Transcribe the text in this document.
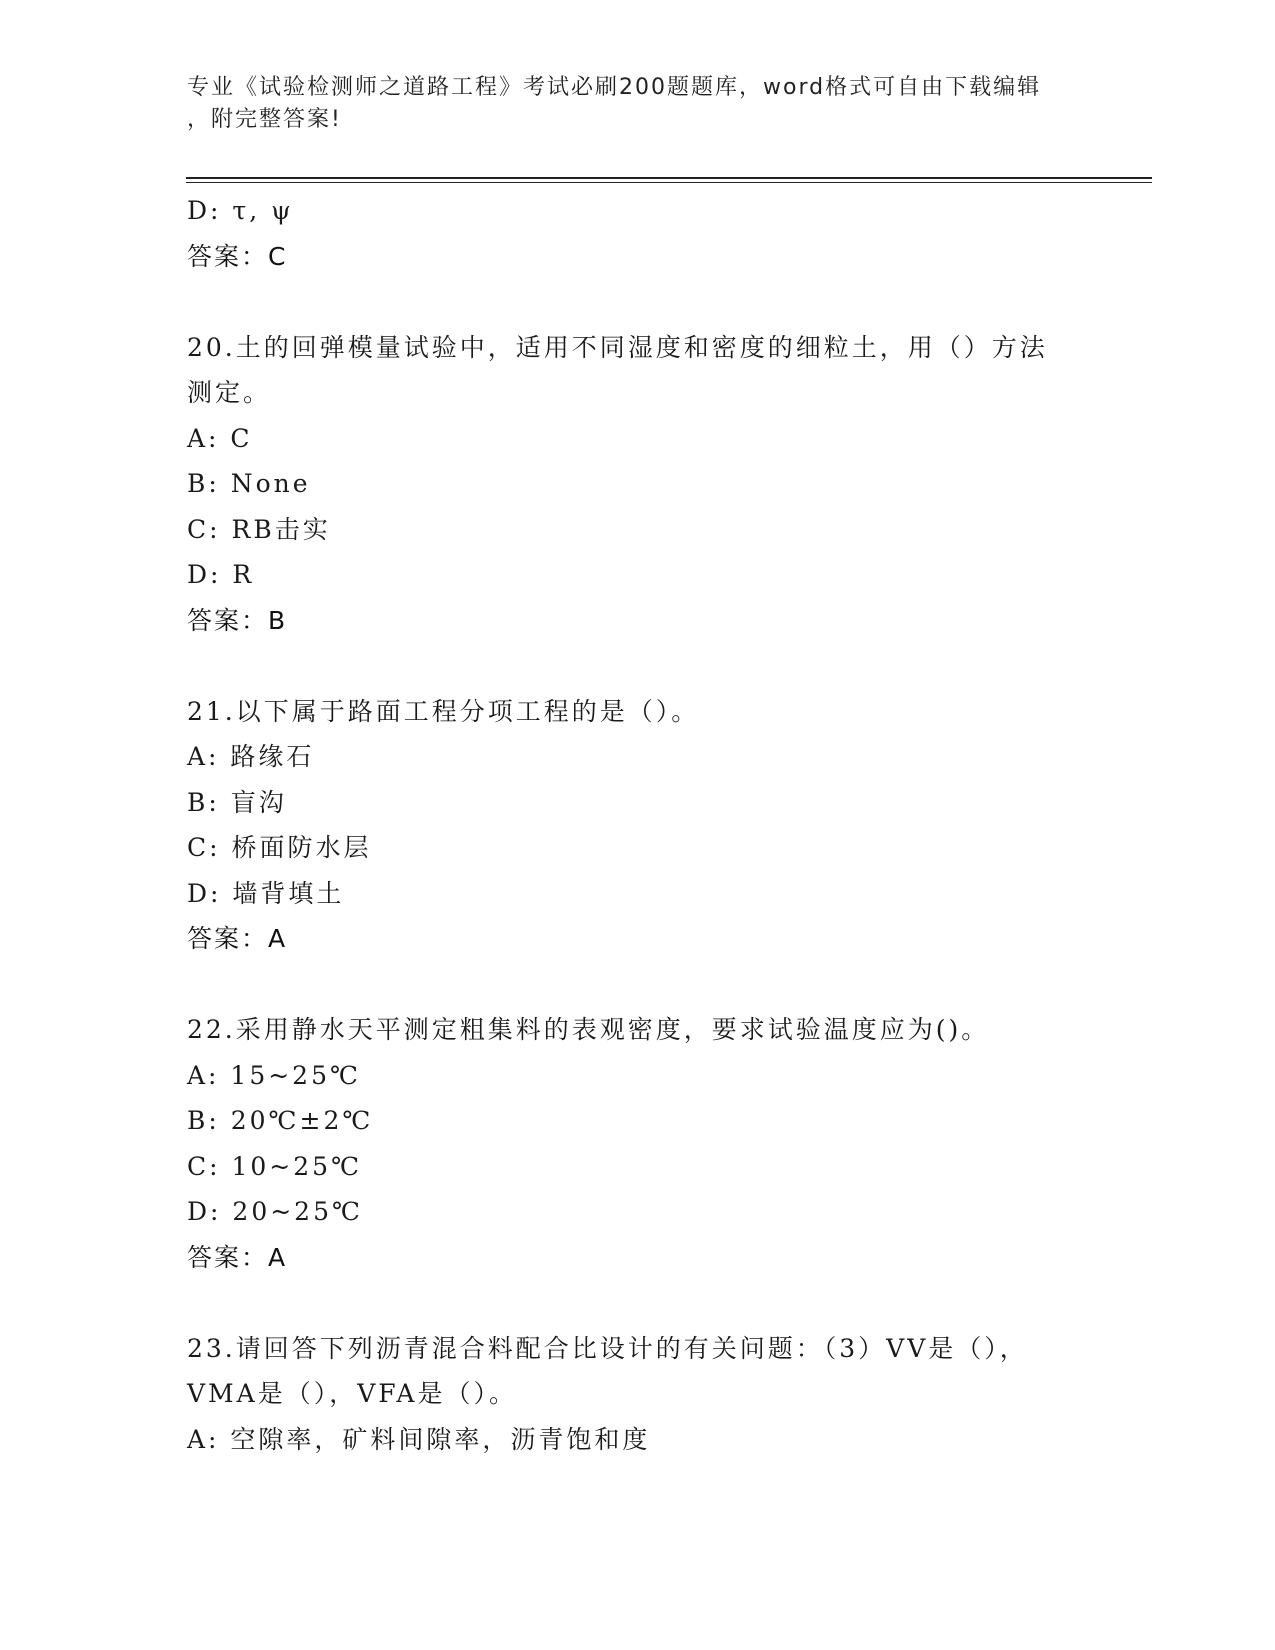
专业《试验检测师之道路工程》考试必刷200题题库，word格式可自由下载编辑
，附完整答案!
D: τ, ψ
答案：C
20.土的回弹模量试验中，适用不同湿度和密度的细粒土，用（）方法
测定。
A: C
B: None
C: RB击实
D: R
答案：B
21.以下属于路面工程分项工程的是（）。
A: 路缘石
B: 盲沟
C: 桥面防水层
D: 墙背填土
答案：A
22.采用静水天平测定粗集料的表观密度，要求试验温度应为()。
A: 15~25℃
B: 20℃±2℃
C: 10~25℃
D: 20~25℃
答案：A
23.请回答下列沥青混合料配合比设计的有关问题：（3）VV是（），
VMA是（），VFA是（）。
A: 空隙率，矿料间隙率，沥青饱和度
